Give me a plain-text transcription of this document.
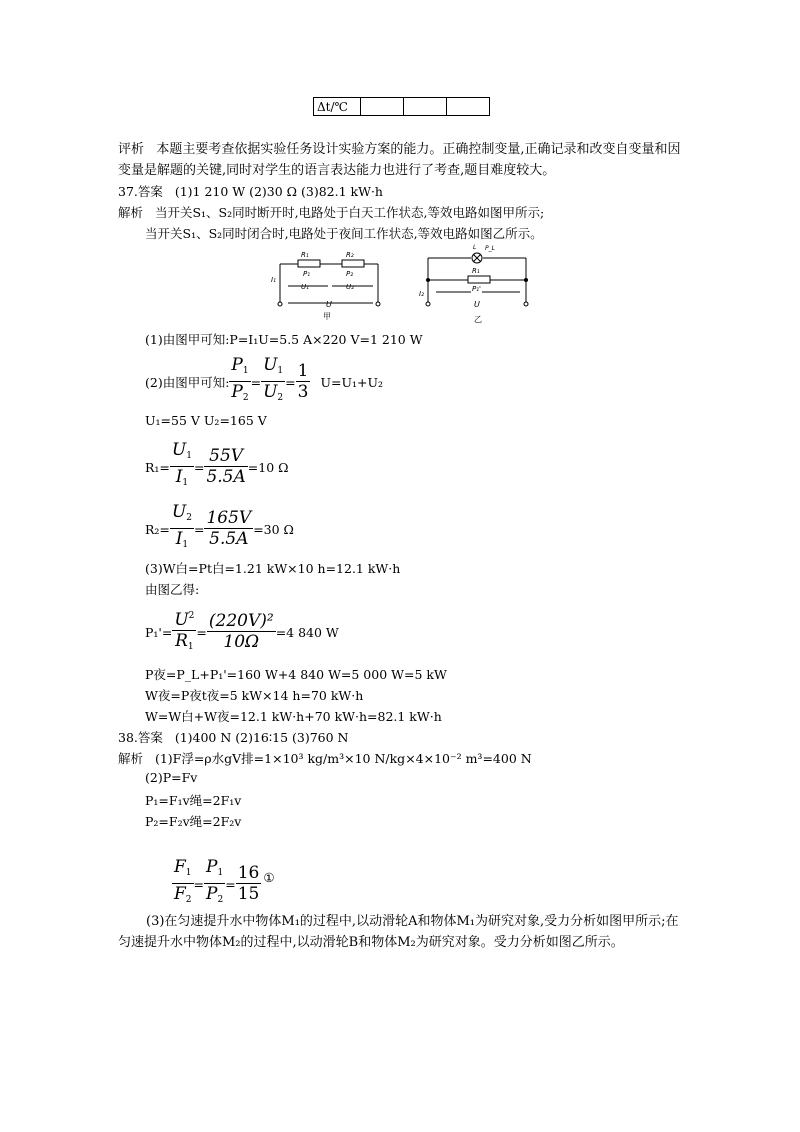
Δt/℃			
评析 本题主要考查依据实验任务设计实验方案的能力。正确控制变量,正确记录和改变自变量和因变量是解题的关键,同时对学生的语言表达能力也进行了考查,题目难度较大。
37.答案 (1)1 210 W (2)30 Ω (3)82.1 kW·h
解析 当开关S₁、S₂同时断开时,电路处于白天工作状态,等效电路如图甲所示;
当开关S₁、S₂同时闭合时,电路处于夜间工作状态,等效电路如图乙所示。
R₁	R₂
P₁	P₂
I₁
U₁	U₂
U
甲
L P_L
R₁
P₁'
I₂
U
乙
(1)由图甲可知:P=I₁U=5.5 A×220 V=1 210 W
(2)由图甲可知: $\frac{P_1}{P_2} = \frac{U_1}{U_2} = \frac{1}{3} U=U_1+U_2$
U₁=55 V U₂=165 V
$R_1= \frac{U_1}{I_1} = \frac{55V}{5.5A} =10$ Ω
$R_2= \frac{U_2}{I_1} = \frac{165V}{5.5A} =30$ Ω
(3)W白=Pt白=1.21 kW×10 h=12.1 kW·h
由图乙得:
$P_1'= \frac{U^2}{R_1} = \frac{\text{(220V)²}}{10\Omega} =4$ 840 W
P夜=P_L+P₁'=160 W+4 840 W=5 000 W=5 kW
W夜=P夜t夜=5 kW×14 h=70 kW·h
W=W白+W夜=12.1 kW·h+70 kW·h=82.1 kW·h
38.答案 (1)400 N (2)16∶15 (3)760 N
解析 (1)F浮=ρ水gV排=1×10³ kg/m³×10 N/kg×4×10⁻² m³=400 N
(2)P=Fv
P₁=F₁v绳=2F₁v
P₂=F₂v绳=2F₂v
$\frac{F_1}{F_2} = \frac{P_1}{P_2} = \frac{16}{15}$ ①
(3)在匀速提升水中物体M₁的过程中,以动滑轮A和物体M₁为研究对象,受力分析如图甲所示;在匀速提升水中物体M₂的过程中,以动滑轮B和物体M₂为研究对象。受力分析如图乙所示。
